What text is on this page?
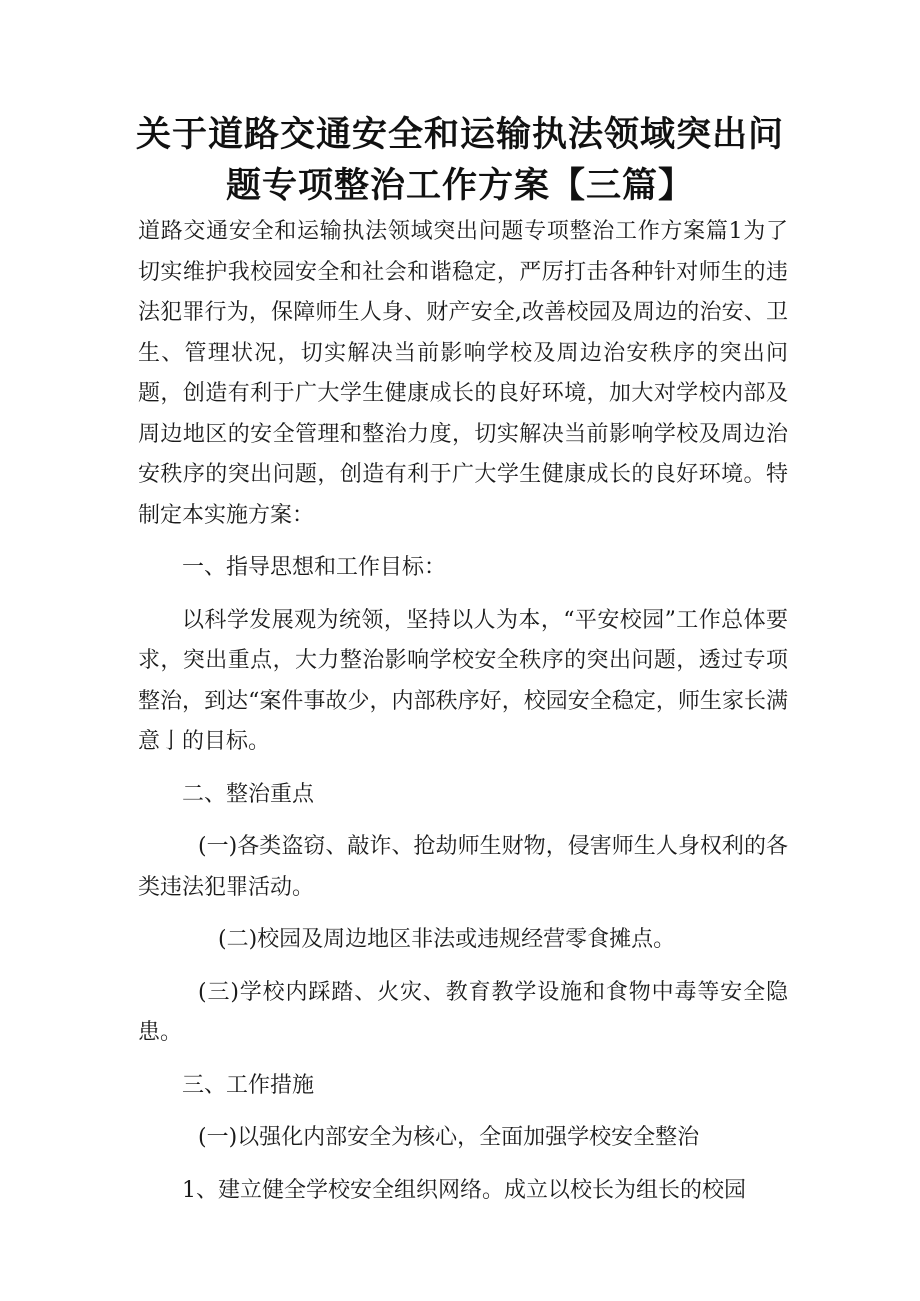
关于道路交通安全和运输执法领域突出问
题专项整治工作方案【三篇】

道路交通安全和运输执法领域突出问题专项整治工作方案篇1为了切实维护我校园安全和社会和谐稳定，严厉打击各种针对师生的违法犯罪行为，保障师生人身、财产安全,改善校园及周边的治安、卫生、管理状况，切实解决当前影响学校及周边治安秩序的突出问题，创造有利于广大学生健康成长的良好环境，加大对学校内部及周边地区的安全管理和整治力度，切实解决当前影响学校及周边治安秩序的突出问题，创造有利于广大学生健康成长的良好环境。特制定本实施方案：

一、指导思想和工作目标：

以科学发展观为统领，坚持以人为本，“平安校园”工作总体要求，突出重点，大力整治影响学校安全秩序的突出问题，透过专项整治，到达“案件事故少，内部秩序好，校园安全稳定，师生家长满意亅的目标。

二、整治重点

(一)各类盗窃、敲诈、抢劫师生财物，侵害师生人身权利的各类违法犯罪活动。

(二)校园及周边地区非法或违规经营零食摊点。

(三)学校内踩踏、火灾、教育教学设施和食物中毒等安全隐患。

三、工作措施

(一)以强化内部安全为核心，全面加强学校安全整治

1、建立健全学校安全组织网络。成立以校长为组长的校园
